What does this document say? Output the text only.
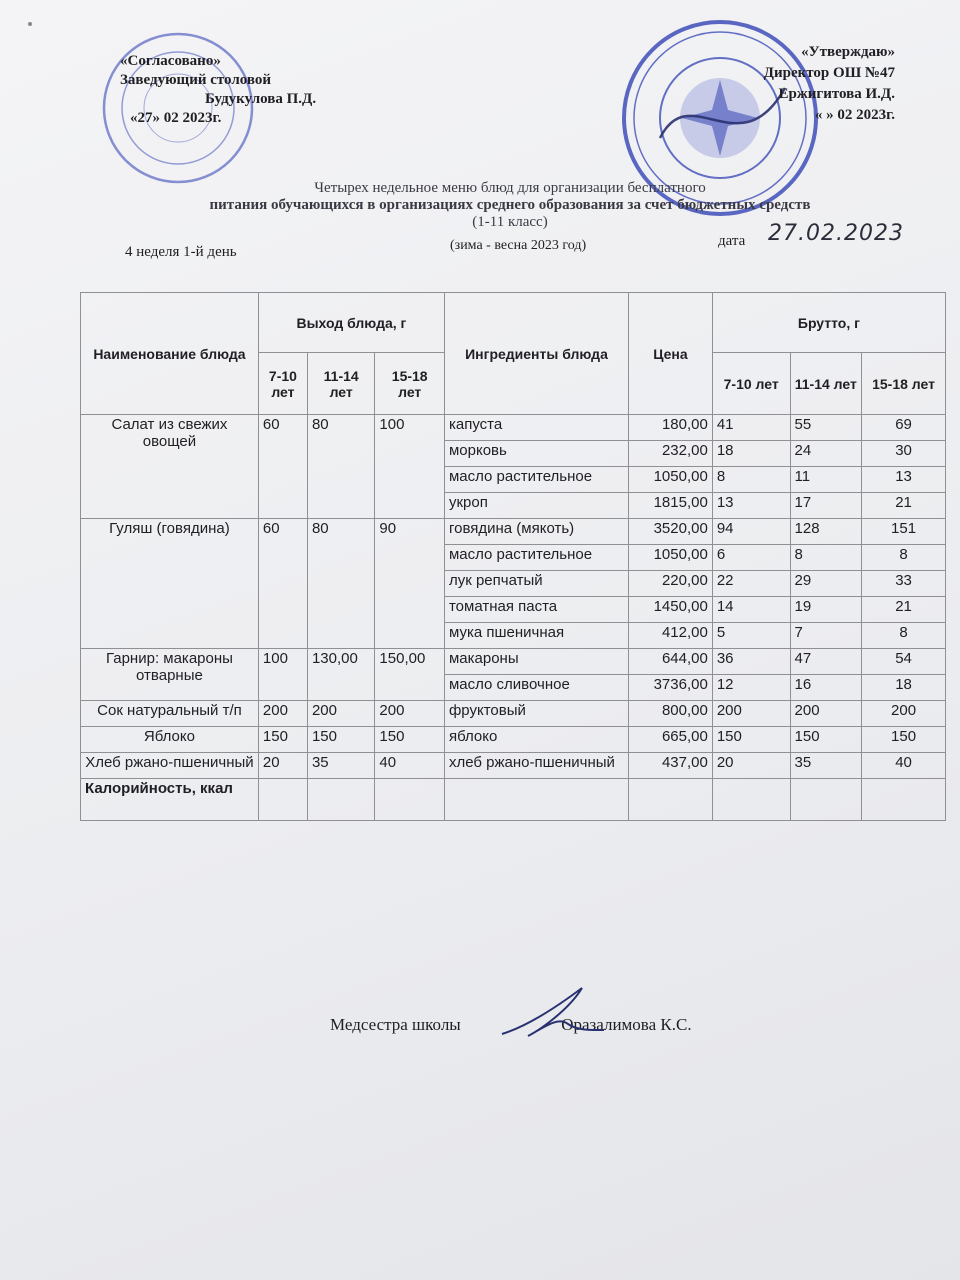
«Согласовано»
Заведующий столовой
Будукулова П.Д.
«27» 02 2023г.
«Утверждаю»
Директор ОШ №47
Ержигитова И.Д.
« » 02 2023г.
Четырех недельное меню блюд для организации бесплатного
питания обучающихся в организациях среднего образования за счет бюджетных средств
(1-11 класс)
4 неделя 1-й день	(зима - весна 2023 год)	дата 27.02.2023
Наименование блюда	Выход блюда, г			Ингредиенты блюда	Цена	Брутто, г		
	7-10 лет	11-14 лет	15-18 лет			7-10 лет	11-14 лет	15-18 лет
Салат из свежих овощей	60	80	100	капуста	180,00	41	55	69
				морковь	232,00	18	24	30
				масло растительное	1050,00	8	11	13
				укроп	1815,00	13	17	21
Гуляш (говядина)	60	80	90	говядина (мякоть)	3520,00	94	128	151
				масло растительное	1050,00	6	8	8
				лук репчатый	220,00	22	29	33
				томатная паста	1450,00	14	19	21
				мука пшеничная	412,00	5	7	8
Гарнир: макароны отварные	100	130,00	150,00	макароны	644,00	36	47	54
				масло сливочное	3736,00	12	16	18
Сок натуральный т/п	200	200	200	фруктовый	800,00	200	200	200
Яблоко	150	150	150	яблоко	665,00	150	150	150
Хлеб ржано-пшеничный	20	35	40	хлеб ржано-пшеничный	437,00	20	35	40
Калорийность, ккал								
Медсестра школы	Оразалимова К.С.
